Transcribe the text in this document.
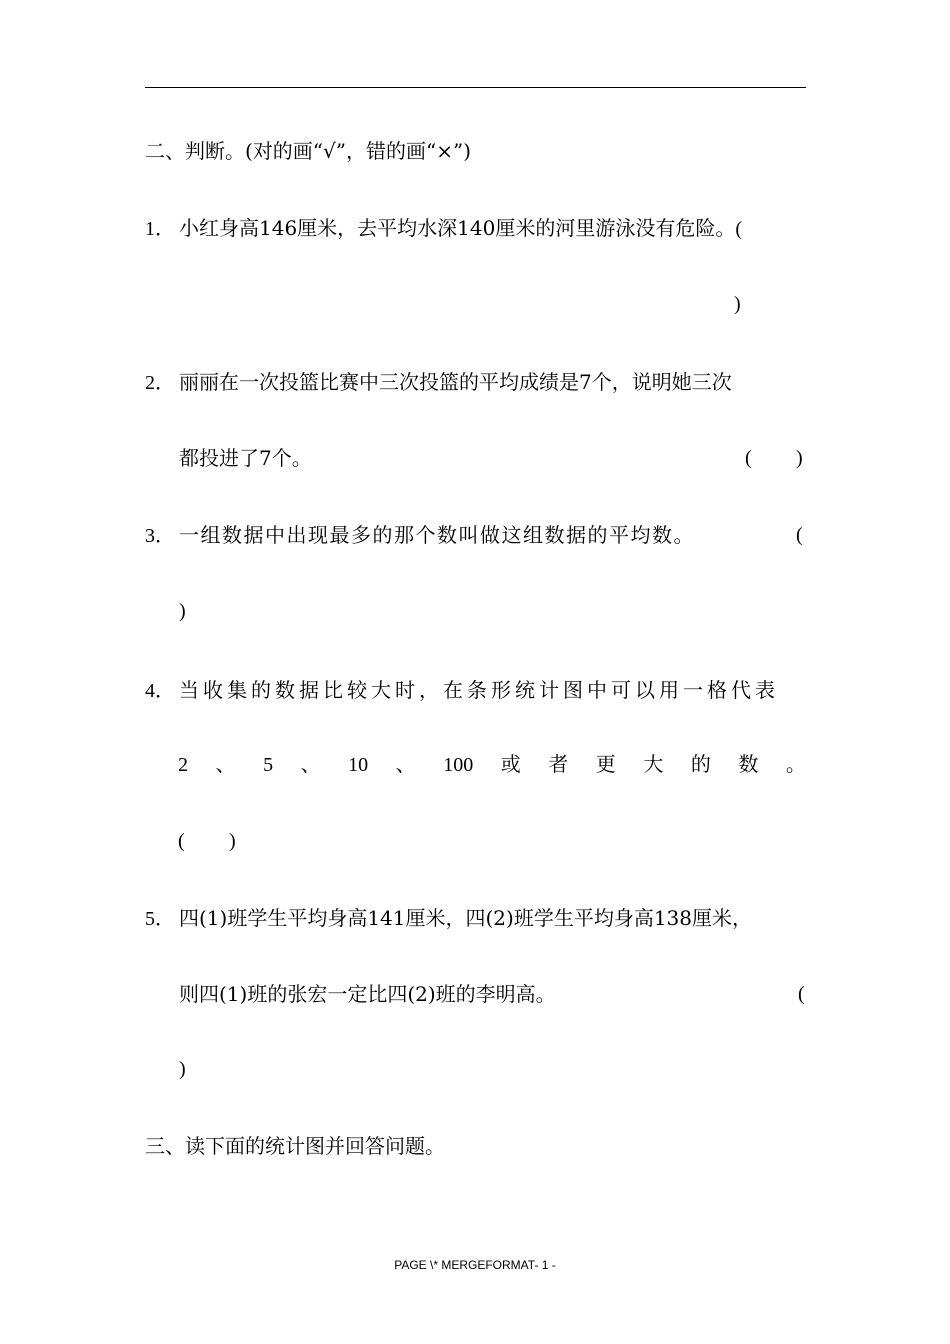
二、判断。(对的画“√”，错的画“×”)
1． 小红身高146厘米，去平均水深140厘米的河里游泳没有危险。(
)
2． 丽丽在一次投篮比赛中三次投篮的平均成绩是7个，说明她三次
都投进了7个。	( )
3． 一组数据中出现最多的那个数叫做这组数据的平均数。	(
)
4． 当收集的数据比较大时，在条形统计图中可以用一格代表
2 、 5 、 10 、 100 或 者 更 大 的 数 。
( )
5． 四(1)班学生平均身高141厘米，四(2)班学生平均身高138厘米，
则四(1)班的张宏一定比四(2)班的李明高。	(
)
三、读下面的统计图并回答问题。
PAGE \* MERGEFORMAT- 1 -
